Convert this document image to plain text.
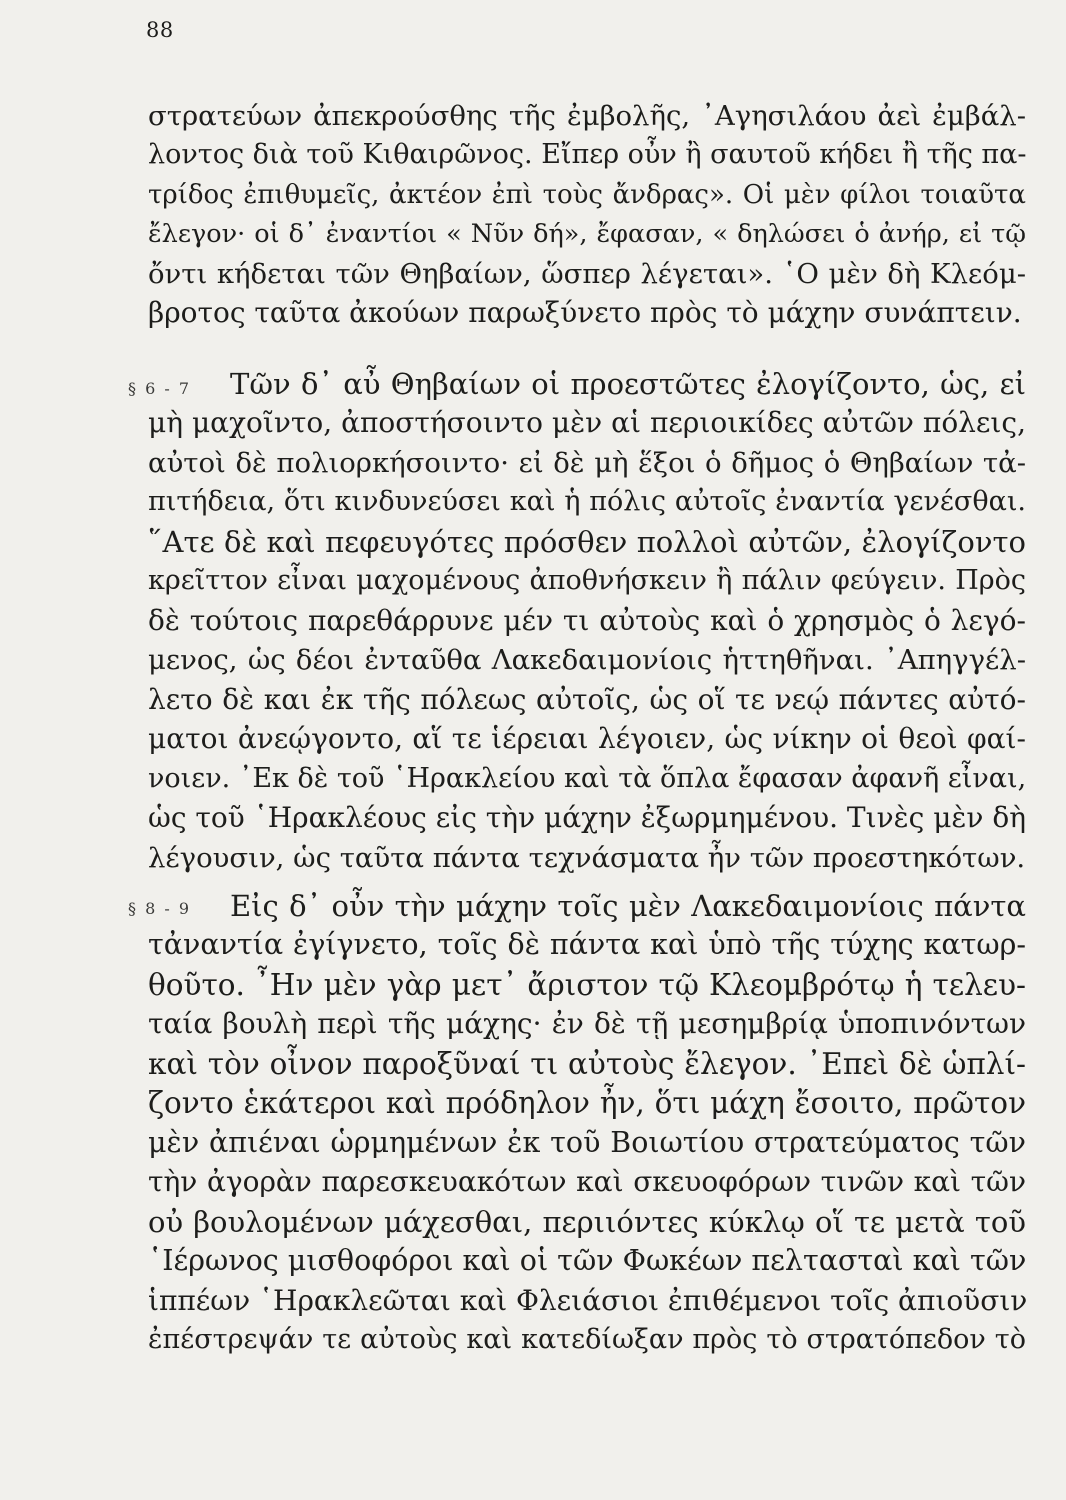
88
§ 6 - 7
§ 8 - 9
στρατεύων ἀπεκρούσθης τῆς ἐμβολῆς, ᾿Αγησιλάου ἀεὶ ἐμβάλ-
λοντος διὰ τοῦ Κιθαιρῶνος. Εἴπερ οὖν ἢ σαυτοῦ κήδει ἢ τῆς πα-
τρίδος ἐπιθυμεῖς, ἀκτέον ἐπὶ τοὺς ἄνδρας». Οἱ μὲν φίλοι τοιαῦτα
ἔλεγον· οἱ δ᾿ ἐναντίοι « Νῦν δή», ἔφασαν, « δηλώσει ὁ ἀνήρ, εἰ τῷ
ὄντι κήδεται τῶν Θηβαίων, ὥσπερ λέγεται». ῾Ο μὲν δὴ Κλεόμ-
βροτος ταῦτα ἀκούων παρωξύνετο πρὸς τὸ μάχην συνάπτειν.
Τῶν δ᾿ αὖ Θηβαίων οἱ προεστῶτες ἐλογίζοντο, ὡς, εἰ
μὴ μαχοῖντο, ἀποστήσοιντο μὲν αἱ περιοικίδες αὐτῶν πόλεις,
αὐτοὶ δὲ πολιορκήσοιντο· εἰ δὲ μὴ ἕξοι ὁ δῆμος ὁ Θηβαίων τἀ-
πιτήδεια, ὅτι κινδυνεύσει καὶ ἡ πόλις αὐτοῖς ἐναντία γενέσθαι.
῞Ατε δὲ καὶ πεφευγότες πρόσθεν πολλοὶ αὐτῶν, ἐλογίζοντο
κρεῖττον εἶναι μαχομένους ἀποθνήσκειν ἢ πάλιν φεύγειν. Πρὸς
δὲ τούτοις παρεθάρρυνε μέν τι αὐτοὺς καὶ ὁ χρησμὸς ὁ λεγό-
μενος, ὡς δέοι ἐνταῦθα Λακεδαιμονίοις ἡττηθῆναι. ᾿Απηγγέλ-
λετο δὲ και ἐκ τῆς πόλεως αὐτοῖς, ὡς οἵ τε νεῴ πάντες αὐτό-
ματοι ἀνεῴγοντο, αἵ τε ἱέρειαι λέγοιεν, ὡς νίκην οἱ θεοὶ φαί-
νοιεν. ᾿Εκ δὲ τοῦ ῾Ηρακλείου καὶ τὰ ὅπλα ἔφασαν ἀφανῆ εἶναι,
ὡς τοῦ ῾Ηρακλέους εἰς τὴν μάχην ἐξωρμημένου. Τινὲς μὲν δὴ
λέγουσιν, ὡς ταῦτα πάντα τεχνάσματα ἦν τῶν προεστηκότων.
Εἰς δ᾿ οὖν τὴν μάχην τοῖς μὲν Λακεδαιμονίοις πάντα
τἀναντία ἐγίγνετο, τοῖς δὲ πάντα καὶ ὑπὸ τῆς τύχης κατωρ-
θοῦτο. ῏Ην μὲν γὰρ μετ᾿ ἄριστον τῷ Κλεομβρότῳ ἡ τελευ-
ταία βουλὴ περὶ τῆς μάχης· ἐν δὲ τῇ μεσημβρίᾳ ὑποπινόντων
καὶ τὸν οἶνον παροξῦναί τι αὐτοὺς ἔλεγον. ᾿Επεὶ δὲ ὡπλί-
ζοντο ἑκάτεροι καὶ πρόδηλον ἦν, ὅτι μάχη ἔσοιτο, πρῶτον
μὲν ἀπιέναι ὡρμημένων ἐκ τοῦ Βοιωτίου στρατεύματος τῶν
τὴν ἀγορὰν παρεσκευακότων καὶ σκευοφόρων τινῶν καὶ τῶν
οὐ βουλομένων μάχεσθαι, περιιόντες κύκλῳ οἵ τε μετὰ τοῦ
῾Ιέρωνος μισθοφόροι καὶ οἱ τῶν Φωκέων πελτασταὶ καὶ τῶν
ἱππέων ῾Ηρακλεῶται καὶ Φλειάσιοι ἐπιθέμενοι τοῖς ἀπιοῦσιν
ἐπέστρεψάν τε αὐτοὺς καὶ κατεδίωξαν πρὸς τὸ στρατόπεδον τὸ
